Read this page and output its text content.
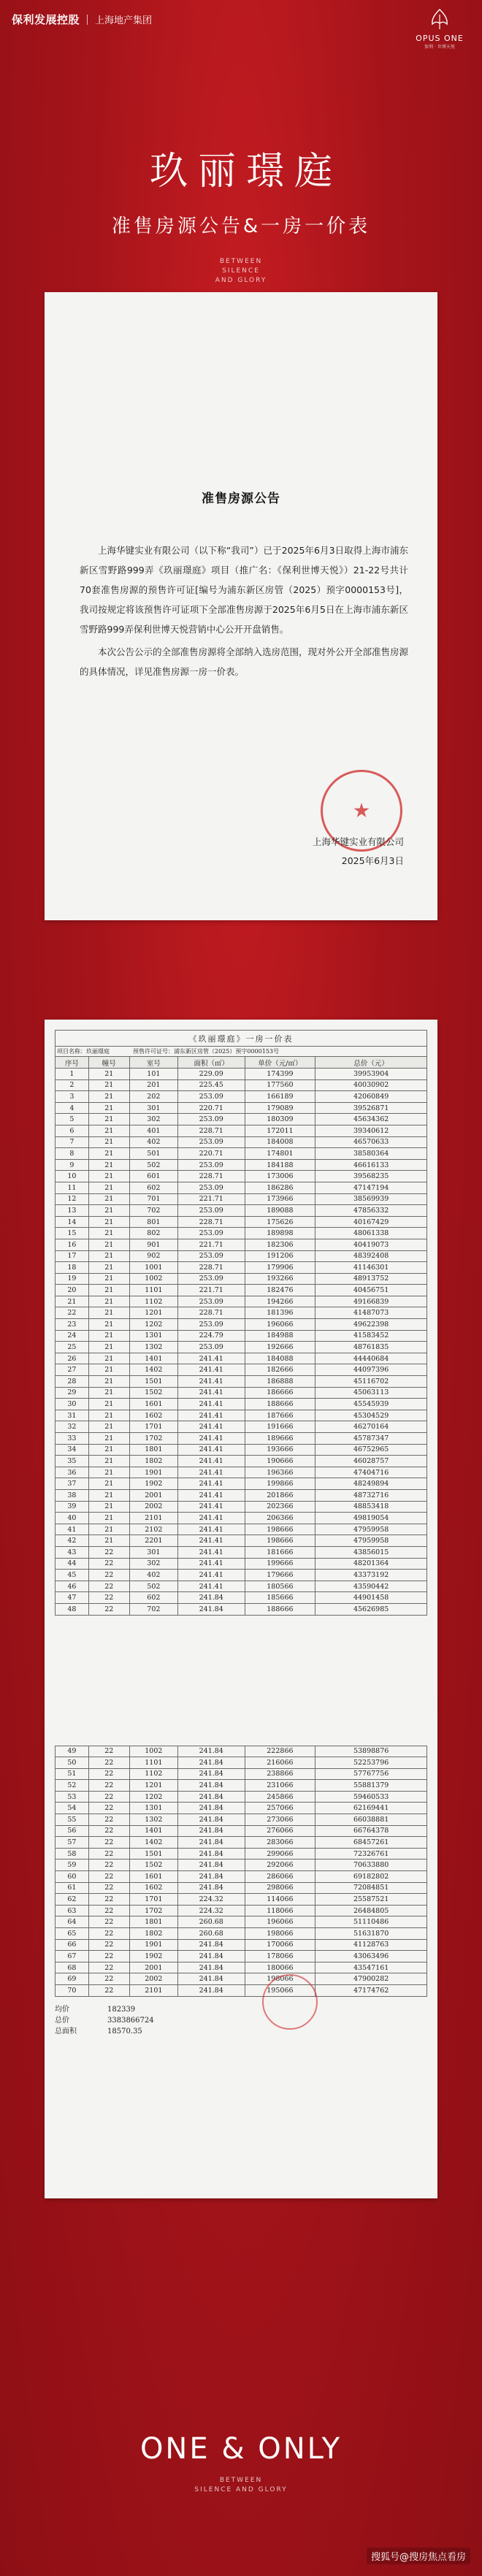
保利发展控股 上海地产集团
OPUS ONE
保利 · 世博天悦
玖丽璟庭
准售房源公告&一房一价表
BETWEEN
SILENCE
AND GLORY
准售房源公告

上海华键实业有限公司（以下称“我司”）已于2025年6月3日取得上海市浦东新区雪野路999弄《玖丽璟庭》项目（推广名：《保利世博天悦》）21-22号共计70套准售房源的预售许可证[编号为浦东新区房管（2025）预字0000153号]，我司按规定将该预售许可证项下全部准售房源于2025年6月5日在上海市浦东新区雪野路999弄保利世博天悦营销中心公开开盘销售。

本次公告公示的全部准售房源将全部纳入选房范围，现对外公开全部准售房源的具体情况，详见准售房源一房一价表。

上海华键实业有限公司
2025年6月3日
《玖丽璟庭》一房一价表					
项目名称：玖丽璟庭　　　　预售许可证号：浦东新区房管（2025）预字0000153号					
序号	幢号	室号	面积（㎡）	单价（元/㎡）	总价（元）
1	21	101	229.09	174399	39953904
2	21	201	225.45	177560	40030902
3	21	202	253.09	166189	42060849
4	21	301	220.71	179089	39526871
5	21	302	253.09	180309	45634362
6	21	401	228.71	172011	39340612
7	21	402	253.09	184008	46570633
8	21	501	220.71	174801	38580364
9	21	502	253.09	184188	46616133
10	21	601	228.71	173006	39568235
11	21	602	253.09	186286	47147194
12	21	701	221.71	173966	38569939
13	21	702	253.09	189088	47856332
14	21	801	228.71	175626	40167429
15	21	802	253.09	189898	48061338
16	21	901	221.71	182306	40419073
17	21	902	253.09	191206	48392408
18	21	1001	228.71	179906	41146301
19	21	1002	253.09	193266	48913752
20	21	1101	221.71	182476	40456751
21	21	1102	253.09	194266	49166839
22	21	1201	228.71	181396	41487073
23	21	1202	253.09	196066	49622398
24	21	1301	224.79	184988	41583452
25	21	1302	253.09	192666	48761835
26	21	1401	241.41	184088	44440684
27	21	1402	241.41	182666	44097396
28	21	1501	241.41	186888	45116702
29	21	1502	241.41	186666	45063113
30	21	1601	241.41	188666	45545939
31	21	1602	241.41	187666	45304529
32	21	1701	241.41	191666	46270164
33	21	1702	241.41	189666	45787347
34	21	1801	241.41	193666	46752965
35	21	1802	241.41	190666	46028757
36	21	1901	241.41	196366	47404716
37	21	1902	241.41	199866	48249894
38	21	2001	241.41	201866	48732716
39	21	2002	241.41	202366	48853418
40	21	2101	241.41	206366	49819054
41	21	2102	241.41	198666	47959958
42	21	2201	241.41	198666	47959958
43	22	301	241.41	181666	43856015
44	22	302	241.41	199666	48201364
45	22	402	241.41	179666	43373192
46	22	502	241.41	180566	43590442
47	22	602	241.84	185666	44901458
48	22	702	241.84	188666	45626985
49	22	1002	241.84	222866	53898876
50	22	1101	241.84	216066	52253796
51	22	1102	241.84	238866	57767756
52	22	1201	241.84	231066	55881379
53	22	1202	241.84	245866	59460533
54	22	1301	241.84	257066	62169441
55	22	1302	241.84	273066	66038881
56	22	1401	241.84	276066	66764378
57	22	1402	241.84	283066	68457261
58	22	1501	241.84	299066	72326761
59	22	1502	241.84	292066	70633880
60	22	1601	241.84	286066	69182802
61	22	1602	241.84	298066	72084851
62	22	1701	224.32	114066	25587521
63	22	1702	224.32	118066	26484805
64	22	1801	260.68	196066	51110486
65	22	1802	260.68	198066	51631870
66	22	1901	241.84	170066	41128763
67	22	1902	241.84	178066	43063496
68	22	2001	241.84	180066	43547161
69	22	2002	241.84	198066	47900282
70	22	2101	241.84	195066	47174762
均价	182339
总价	3383866724
总面积	18570.35
ONE & ONLY
BETWEEN
SILENCE AND GLORY
搜狐号@搜房焦点看房
